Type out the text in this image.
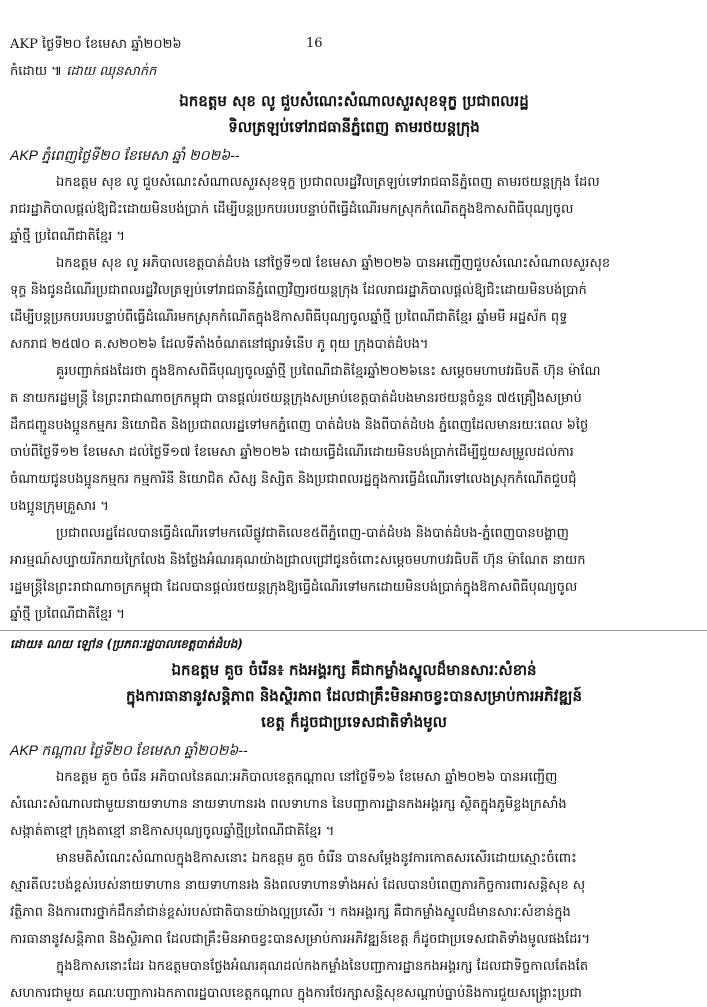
AKP ថ្ងៃទី២០ ខែមេសា ឆ្នាំ២០២៦	16
កំដោយ ៕ ដោយ ឈុនសាក់ក
ឯកឧត្តម សុខ លូ ជួបសំណេះសំណាលសួរសុខទុក្ខ ប្រជាពលរដ្ឋ
ទិលត្រឡប់ទៅរាជធានីភ្នំពេញ តាមរថយន្តក្រុង
AKP ភ្នំពេញថ្ងៃទី២០ ខែមេសា ឆ្នាំ ២០២៦--
ឯកឧត្តម សុខ លូ ជួបសំណេះសំណាលសួរសុខទុក្ខ ប្រជាពលរដ្ឋវិលត្រឡប់ទៅរាជធានីភ្នំពេញ តាមរថយន្តក្រុង ដែល
រាជរដ្ឋាភិបាលផ្តល់ឱ្យជិះដោយមិនបង់ប្រាក់ ដើម្បីបន្តប្រកបរបរបន្ទាប់ពីធ្វើដំណើរមកស្រុកកំណើតក្នុងឱកាសពិធីបុណ្យចូល
ឆ្នាំថ្មី ប្រពៃណីជាតិខ្មែរ ។
ឯកឧត្តម សុខ លូ អភិបាលខេត្តបាត់ដំបង នៅថ្ងៃទី១៧ ខែមេសា ឆ្នាំ២០២៦ បានអញ្ជើញជួបសំណេះសំណាលសួរសុខ
ទុក្ខ និងជូនដំណើរប្រជាពលរដ្ឋវិលត្រឡប់ទៅរាជធានីភ្នំពេញវិញរថយន្តក្រុង ដែលរាជរដ្ឋាភិបាលផ្តល់ឱ្យជិះដោយមិនបង់ប្រាក់
ដើម្បីបន្តប្រកបរបរបន្ទាប់ពីធ្វើដំណើរមកស្រុកកំណើតក្នុងឱកាសពិធីបុណ្យចូលឆ្នាំថ្មី ប្រពៃណីជាតិខ្មែរ ឆ្នាំមមី អដ្ឋស័ក ពុទ្ធ
សករាជ ២៥៧០ គ.ស២០២៦ ដែលទីតាំងចំណតនៅផ្សារទំនើប ភូ ពុយ ក្រុងបាត់ដំបង។
គួរបញ្ជាក់ផងដែរថា ក្នុងឱកាសពិធីបុណ្យចូលឆ្នាំថ្មី ប្រពៃណីជាតិខ្មែរឆ្នាំ២០២៦នេះ សម្តេចមហាបវរធិបតី ហ៊ុន ម៉ាណែ
ត នាយករដ្ឋមន្ត្រី នៃព្រះរាជាណាចក្រកម្ពុជា បានផ្តល់រថយន្តក្រុងសម្រាប់ខេត្តបាត់ដំបងមានរថយន្តចំនួន ៧៥គ្រឿងសម្រាប់
ដឹកជញ្ជូនបងប្អូនកម្មករ និយោជិត និងប្រជាពលរដ្ឋទៅមកភ្នំពេញ បាត់ដំបង និងពីបាត់ដំបង ភ្នំពេញដែលមានរយៈពេល ៦ថ្ងៃ
ចាប់ពីថ្ងៃទី១២ ខែមេសា ដល់ថ្ងៃទី១៧ ខែមេសា ឆ្នាំ២០២៦ ដោយធ្វើដំណើរដោយមិនបង់ប្រាក់ដើម្បីជួយសម្រួលដល់ការ
ចំណាយជូនបងប្អូនកម្មករ កម្មការិនី និយោជិត សិស្ស និស្សិត និងប្រជាពលរដ្ឋក្នុងការធ្វើដំណើរទៅលេងស្រុកកំណើតជួបជុំ
បងប្អូនក្រុមគ្រួសារ ។
ប្រជាពលរដ្ឋដែលបានធ្វើដំណើរទៅមកលើផ្លូវជាតិលេខ៥ពីភ្នំពេញ-បាត់ដំបង និងបាត់ដំបង-ភ្នំពេញបានបង្ហាញ
អារម្មណ៍សប្បាយរីករាយក្រៃលែង និងថ្លែងអំណរគុណយ៉ាងជ្រាលជ្រៅជូនចំពោះសម្តេចមហាបវរធិបតី ហ៊ុន ម៉ាណែត នាយក
រដ្ឋមន្ត្រីនៃព្រះរាជាណាចក្រកម្ពុជា ដែលបានផ្តល់រថយន្តក្រុងឱ្យធ្វើដំណើរទៅមកដោយមិនបង់ប្រាក់ក្នុងឱកាសពិធីបុណ្យចូល
ឆ្នាំថ្មី ប្រពៃណីជាតិខ្មែរ ។
ដោយ៖ ណយ ឡៅន (ប្រភពៈរដ្ឋបាលខេត្តបាត់ដំបង)
ឯកឧត្តម គួច ចំរើន៖ កងអង្គរក្ស គឺជាកម្លាំងស្នូលដ៏មានសារៈសំខាន់
ក្នុងការធានានូវសន្តិភាព និងស្ថិរភាព ដែលជាគ្រឹះមិនអាចខ្វះបានសម្រាប់ការអភិវឌ្ឍន៍
ខេត្ត ក៏ដូចជាប្រទេសជាតិទាំងមូល
AKP កណ្តាល ថ្ងៃទី២០ ខែមេសា ឆ្នាំ២០២៦--
ឯកឧត្តម គួច ចំរើន អភិបាលនៃគណៈអភិបាលខេត្តកណ្តាល នៅថ្ងៃទី១៦ ខែមេសា ឆ្នាំ២០២៦ បានអញ្ជើញ
សំណេះសំណាលជាមួយនាយទាហាន នាយទាហានរង ពលទាហាន នៃបញ្ជាការដ្ឋានកងអង្គរក្ស ស្ថិតក្នុងភូមិខ្លងក្រសាំង
សង្កាត់តាខ្មៅ ក្រុងតាខ្មៅ នាឱកាសបុណ្យចូលឆ្នាំថ្មីប្រពៃណីជាតិខ្មែរ ។
មានមតិសំណេះសំណាលក្នុងឱកាសនោះ ឯកឧត្តម គួច ចំរើន បានសម្តែងនូវការកោតសរសើរដោយស្មោះចំពោះ
ស្មារតីលះបង់ខ្ពស់របស់នាយទាហាន នាយទាហានរង និងពលទាហានទាំងអស់ ដែលបានបំពេញភារកិច្ចការពារសន្តិសុខ សុ
វត្ថិភាព និងការពារថ្នាក់ដឹកនាំជាន់ខ្ពស់របស់ជាតិបានយ៉ាងល្អប្រសើរ ។ កងអង្គរក្ស គឺជាកម្លាំងស្នូលដ៏មានសារៈសំខាន់ក្នុង
ការធានានូវសន្តិភាព និងស្ថិរភាព ដែលជាគ្រឹះមិនអាចខ្វះបានសម្រាប់ការអភិវឌ្ឍន៍ខេត្ត ក៏ដូចជាប្រទេសជាតិទាំងមូលផងដែរ។
ក្នុងឱកាសនោះដែរ ឯកឧត្តមបានថ្លែងអំណរគុណដល់កងកម្លាំងនៃបញ្ជាការដ្ឋានកងអង្គរក្ស ដែលជាទិច្ចកាលតែងតែ
សហការជាមួយ គណៈបញ្ជាការឯកភាពរដ្ឋបាលខេត្តកណ្តាល ក្នុងការថែរក្សាសន្តិសុខសណ្តាប់ធ្នាប់និងការជួយសង្គ្រោះប្រជា
